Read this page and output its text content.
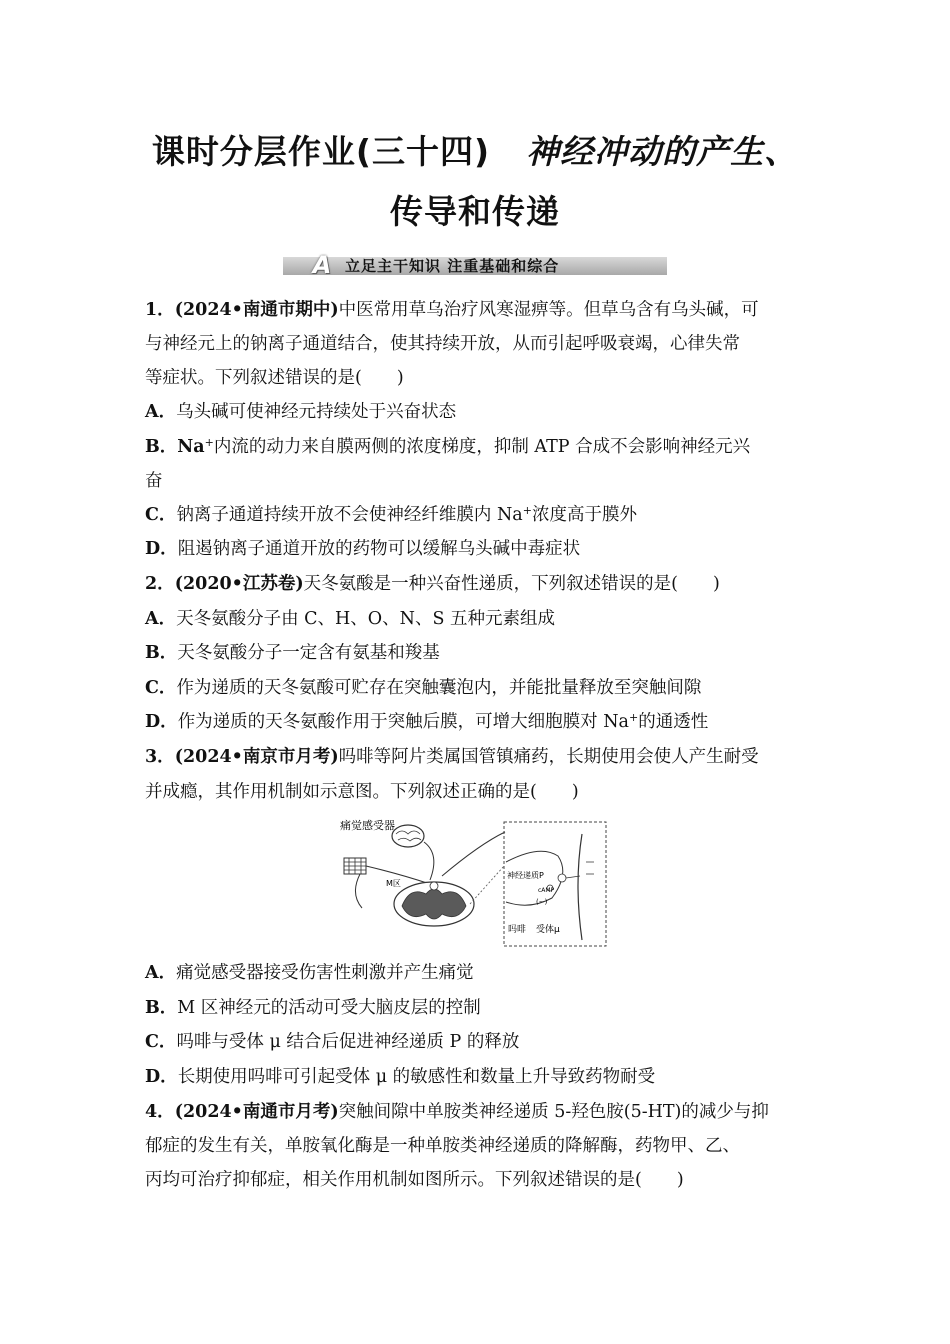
课时分层作业(三十四) 神经冲动的产生、
传导和传递
A 立足主干知识 注重基础和综合
1．(2024•南通市期中)中医常用草乌治疗风寒湿痹等。但草乌含有乌头碱，可
与神经元上的钠离子通道结合，使其持续开放，从而引起呼吸衰竭，心律失常
等症状。下列叙述错误的是(　　)
A．乌头碱可使神经元持续处于兴奋状态
B．Na+内流的动力来自膜两侧的浓度梯度，抑制 ATP 合成不会影响神经元兴
奋
C．钠离子通道持续开放不会使神经纤维膜内 Na+浓度高于膜外
D．阻遏钠离子通道开放的药物可以缓解乌头碱中毒症状
2．(2020•江苏卷)天冬氨酸是一种兴奋性递质，下列叙述错误的是(　　)
A．天冬氨酸分子由 C、H、O、N、S 五种元素组成
B．天冬氨酸分子一定含有氨基和羧基
C．作为递质的天冬氨酸可贮存在突触囊泡内，并能批量释放至突触间隙
D．作为递质的天冬氨酸作用于突触后膜，可增大细胞膜对 Na+的通透性
3．(2024•南京市月考)吗啡等阿片类属国管镇痛药，长期使用会使人产生耐受
并成瘾，其作用机制如示意图。下列叙述正确的是(　　)
痛觉感受器
M区
神经递质P
cAMP
(−)
吗啡 受体μ
A．痛觉感受器接受伤害性刺激并产生痛觉
B．M 区神经元的活动可受大脑皮层的控制
C．吗啡与受体 μ 结合后促进神经递质 P 的释放
D．长期使用吗啡可引起受体 μ 的敏感性和数量上升导致药物耐受
4．(2024•南通市月考)突触间隙中单胺类神经递质 5-羟色胺(5-HT)的减少与抑
郁症的发生有关，单胺氧化酶是一种单胺类神经递质的降解酶，药物甲、乙、
丙均可治疗抑郁症，相关作用机制如图所示。下列叙述错误的是(　　)
